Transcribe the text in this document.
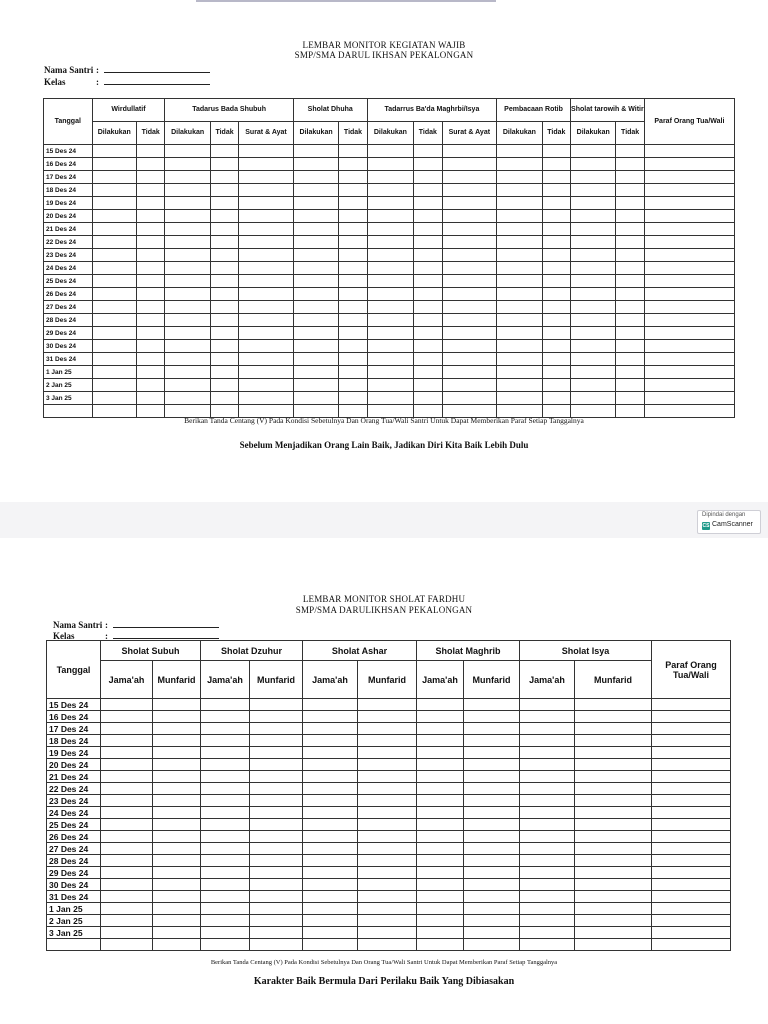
LEMBAR MONITOR KEGIATAN WAJIB
SMP/SMA DARUL IKHSAN PEKALONGAN
Nama Santri :
Kelas	:
Tanggal	Wirdullatif		Tadarus Bada Shubuh			Sholat Dhuha		Tadarrus Ba'da Maghrbi/Isya			Pembacaan Rotib		Sholat tarowih & Witir		Paraf Orang Tua/Wali
	Dilakukan	Tidak	Dilakukan	Tidak	Surat & Ayat	Dilakukan	Tidak	Dilakukan	Tidak	Surat & Ayat	Dilakukan	Tidak	Dilakukan	Tidak	
15 Des 24															
16 Des 24															
17 Des 24															
18 Des 24															
19 Des 24															
20 Des 24															
21 Des 24															
22 Des 24															
23 Des 24															
24 Des 24															
25 Des 24															
26 Des 24															
27 Des 24															
28 Des 24															
29 Des 24															
30 Des 24															
31 Des 24															
1 Jan 25															
2 Jan 25															
3 Jan 25															

Berikan Tanda Centang (V) Pada Kondisi Sebetulnya Dan Orang Tua/Wali Santri Untuk Dapat Memberikan Paraf Setiap Tanggalnya
Sebelum Menjadikan Orang Lain Baik, Jadikan Diri Kita Baik Lebih Dulu
Dipindai dengan
CS CamScanner
LEMBAR MONITOR SHOLAT FARDHU
SMP/SMA DARULIKHSAN PEKALONGAN
Nama Santri :
Kelas	:
Tanggal	Sholat Subuh		Sholat Dzuhur		Sholat Ashar		Sholat Maghrib		Sholat Isya		Paraf Orang Tua/Wali
	Jama'ah	Munfarid	Jama'ah	Munfarid	Jama'ah	Munfarid	Jama'ah	Munfarid	Jama'ah	Munfarid	
15 Des 24											
16 Des 24											
17 Des 24											
18 Des 24											
19 Des 24											
20 Des 24											
21 Des 24											
22 Des 24											
23 Des 24											
24 Des 24											
25 Des 24											
26 Des 24											
27 Des 24											
28 Des 24											
29 Des 24											
30 Des 24											
31 Des 24											
1 Jan 25											
2 Jan 25											
3 Jan 25											

Berikan Tanda Centang (V) Pada Kondisi Sebetulnya Dan Orang Tua/Wali Santri Untuk Dapat Memberikan Paraf Setiap Tanggalnya
Karakter Baik Bermula Dari Perilaku Baik Yang Dibiasakan
